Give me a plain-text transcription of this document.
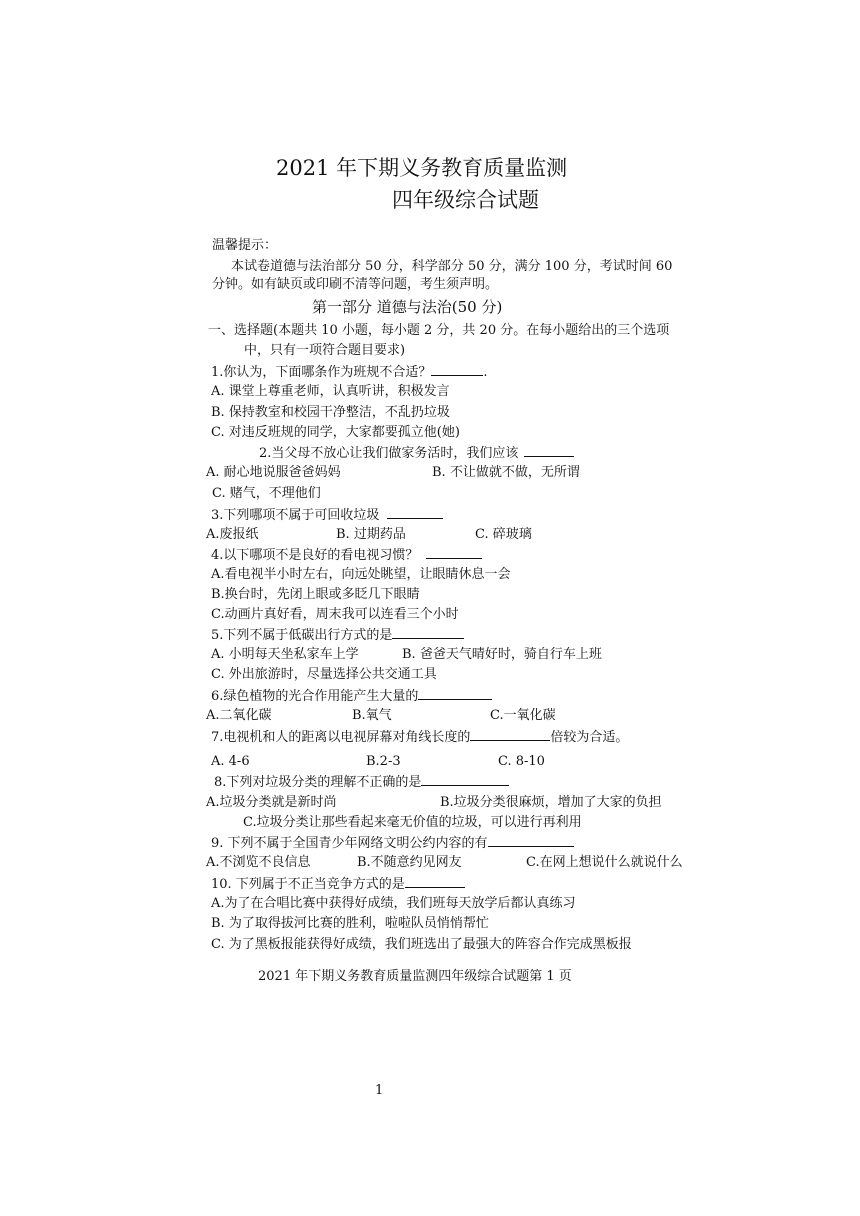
2021 年下期义务教育质量监测
四年级综合试题
温馨提示：
本试卷道德与法治部分 50 分，科学部分 50 分，满分 100 分，考试时间 60
分钟。如有缺页或印刷不清等问题，考生须声明。
第一部分 道德与法治(50 分)
一、选择题(本题共 10 小题，每小题 2 分，共 20 分。在每小题给出的三个选项
中，只有一项符合题目要求)
1.你认为，下面哪条作为班规不合适？	.
A. 课堂上尊重老师，认真听讲，积极发言
B. 保持教室和校园干净整洁，不乱扔垃圾
C. 对违反班规的同学，大家都要孤立他(她)
2.当父母不放心让我们做家务活时，我们应该
A. 耐心地说服爸爸妈妈	B. 不让做就不做，无所谓
C. 赌气，不理他们
3.下列哪项不属于可回收垃圾
A.废报纸	B. 过期药品	C. 碎玻璃
4.以下哪项不是良好的看电视习惯？
A.看电视半小时左右，向远处眺望，让眼睛休息一会
B.换台时，先闭上眼或多眨几下眼睛
C.动画片真好看，周末我可以连看三个小时
5.下列不属于低碳出行方式的是
A. 小明每天坐私家车上学	B. 爸爸天气晴好时，骑自行车上班
C. 外出旅游时，尽量选择公共交通工具
6.绿色植物的光合作用能产生大量的
A.二氧化碳	B.氧气	C.一氧化碳
7.电视机和人的距离以电视屏幕对角线长度的	倍较为合适。
A. 4-6	B.2-3	C. 8-10
8.下列对垃圾分类的理解不正确的是
A.垃圾分类就是新时尚	B.垃圾分类很麻烦，增加了大家的负担
C.垃圾分类让那些看起来毫无价值的垃圾，可以进行再利用
9. 下列不属于全国青少年网络文明公约内容的有
A.不浏览不良信息	B.不随意约见网友	C.在网上想说什么就说什么
10. 下列属于不正当竞争方式的是
A.为了在合唱比赛中获得好成绩，我们班每天放学后都认真练习
B. 为了取得拔河比赛的胜利，啦啦队员悄悄帮忙
C. 为了黑板报能获得好成绩，我们班选出了最强大的阵容合作完成黑板报
2021 年下期义务教育质量监测四年级综合试题第 1 页
1
